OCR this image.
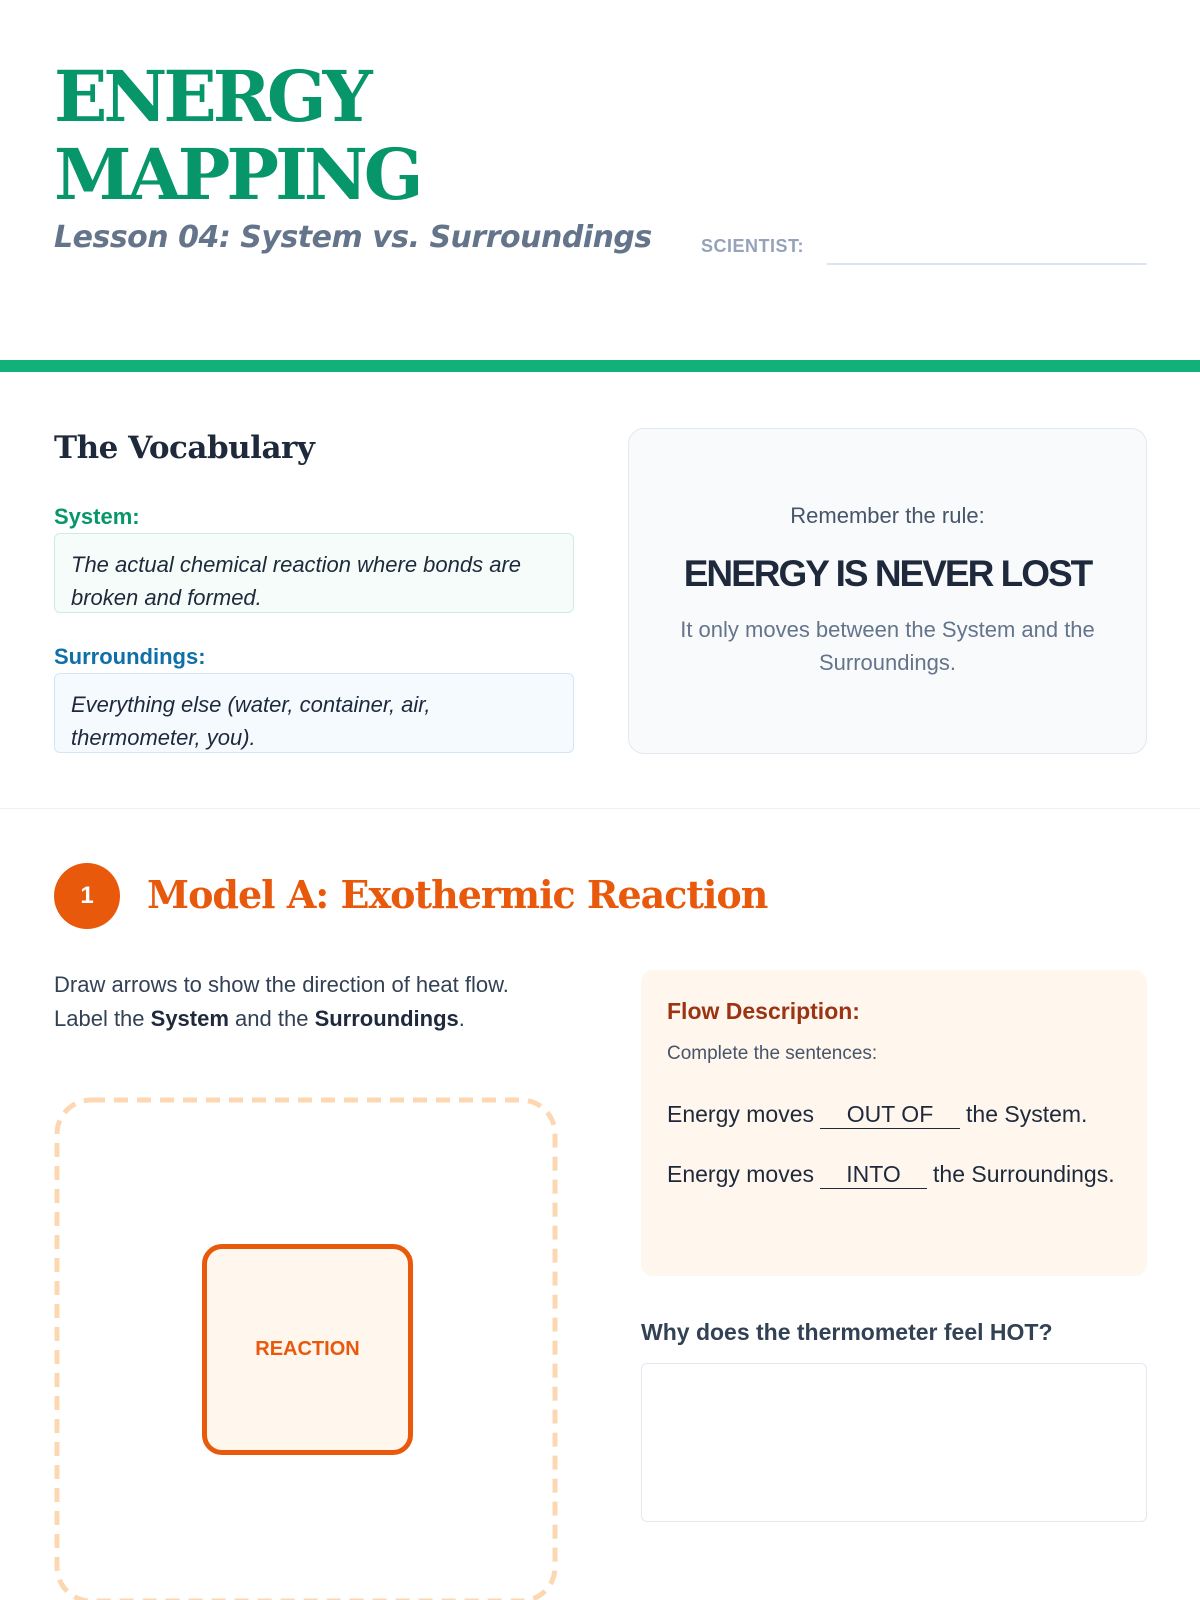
ENERGY
MAPPING
Lesson 04: System vs. Surroundings	SCIENTIST:
The Vocabulary
System:
The actual chemical reaction where bonds are broken and formed.
Surroundings:
Everything else (water, container, air, thermometer, you).
Remember the rule:
ENERGY IS NEVER LOST
It only moves between the System and the Surroundings.
1	Model A: Exothermic Reaction
Draw arrows to show the direction of heat flow. Label the System and the Surroundings.
REACTION
Flow Description:
Complete the sentences:
Energy moves OUT OF the System.
Energy moves INTO the Surroundings.
Why does the thermometer feel HOT?
